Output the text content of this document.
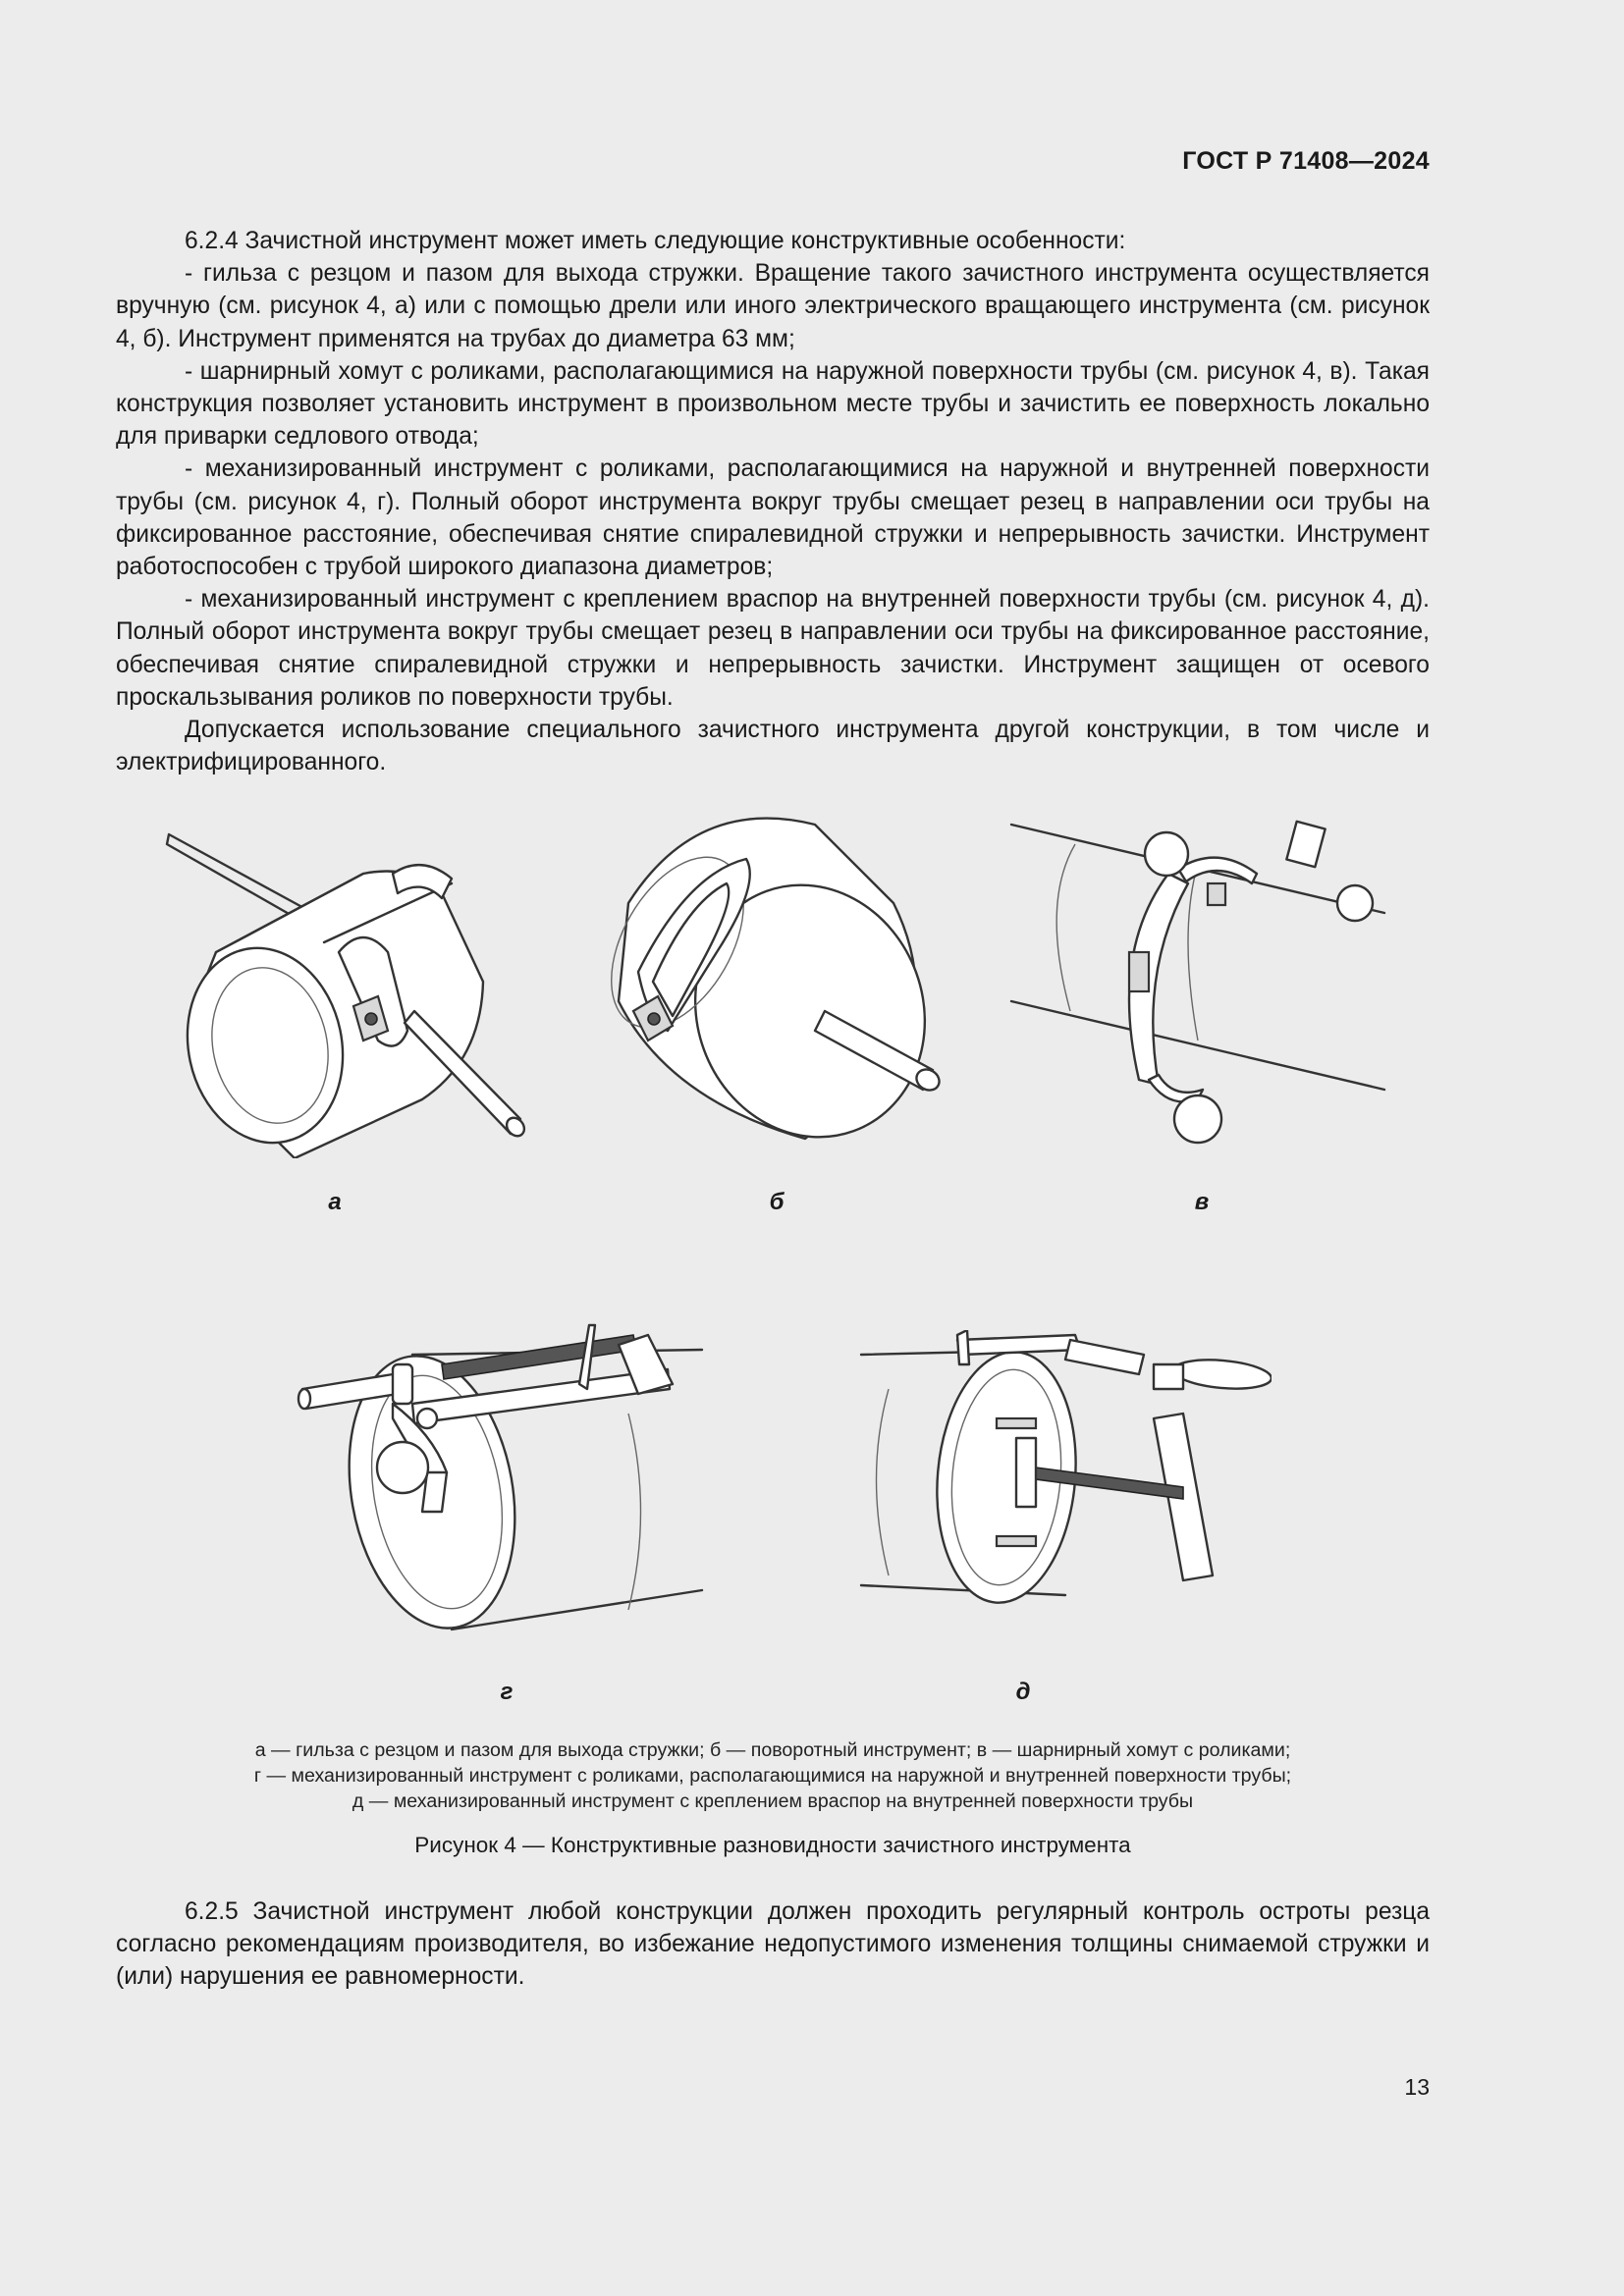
ГОСТ Р 71408—2024

6.2.4 Зачистной инструмент может иметь следующие конструктивные особенности:

- гильза с резцом и пазом для выхода стружки. Вращение такого зачистного инструмента осуществляется вручную (см. рисунок 4, а) или с помощью дрели или иного электрического вращающего инструмента (см. рисунок 4, б). Инструмент применятся на трубах до диаметра 63 мм;

- шарнирный хомут с роликами, располагающимися на наружной поверхности трубы (см. рисунок 4, в). Такая конструкция позволяет установить инструмент в произвольном месте трубы и зачистить ее поверхность локально для приварки седлового отвода;

- механизированный инструмент с роликами, располагающимися на наружной и внутренней поверхности трубы (см. рисунок 4, г). Полный оборот инструмента вокруг трубы смещает резец в направлении оси трубы на фиксированное расстояние, обеспечивая снятие спиралевидной стружки и непрерывность зачистки. Инструмент работоспособен с трубой широкого диапазона диаметров;

- механизированный инструмент с креплением враспор на внутренней поверхности трубы (см. рисунок 4, д). Полный оборот инструмента вокруг трубы смещает резец в направлении оси трубы на фиксированное расстояние, обеспечивая снятие спиралевидной стружки и непрерывность зачистки. Инструмент защищен от осевого проскальзывания роликов по поверхности трубы.

Допускается использование специального зачистного инструмента другой конструкции, в том числе и электрифицированного.

а	б	в
г	д
а — гильза с резцом и пазом для выхода стружки; б — поворотный инструмент; в — шарнирный хомут с роликами;
г — механизированный инструмент с роликами, располагающимися на наружной и внутренней поверхности трубы;
д — механизированный инструмент с креплением враспор на внутренней поверхности трубы
Рисунок 4 — Конструктивные разновидности зачистного инструмента

6.2.5 Зачистной инструмент любой конструкции должен проходить регулярный контроль остроты резца согласно рекомендациям производителя, во избежание недопустимого изменения толщины снимаемой стружки и (или) нарушения ее равномерности.

13
